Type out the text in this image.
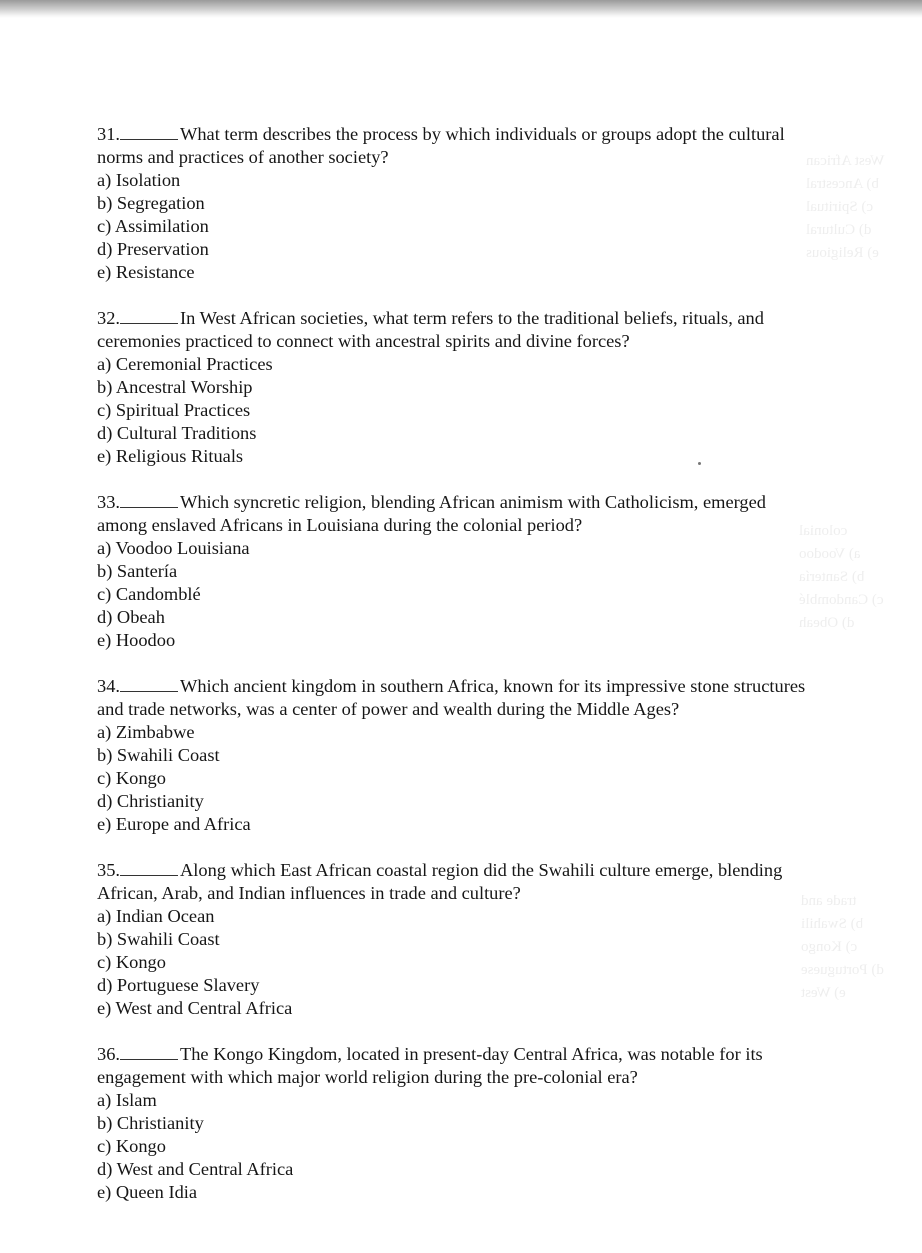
West African
b) Ancestral
c) Spiritual
d) Cultural
e) Religious
colonial
a) Voodoo
b) Santería
c) Candomblé
d) Obeah
trade and
b) Swahili
c) Kongo
d) Portuguese
e) West

31.	What term describes the process by which individuals or groups adopt the cultural
norms and practices of another society?

a) Isolation

b) Segregation

c) Assimilation

d) Preservation

e) Resistance

32.	In West African societies, what term refers to the traditional beliefs, rituals, and
ceremonies practiced to connect with ancestral spirits and divine forces?

a) Ceremonial Practices

b) Ancestral Worship

c) Spiritual Practices

d) Cultural Traditions

e) Religious Rituals

33.	Which syncretic religion, blending African animism with Catholicism, emerged
among enslaved Africans in Louisiana during the colonial period?

a) Voodoo Louisiana

b) Santería

c) Candomblé

d) Obeah

e) Hoodoo

34.	Which ancient kingdom in southern Africa, known for its impressive stone structures
and trade networks, was a center of power and wealth during the Middle Ages?

a) Zimbabwe

b) Swahili Coast

c) Kongo

d) Christianity

e) Europe and Africa

35.	Along which East African coastal region did the Swahili culture emerge, blending
African, Arab, and Indian influences in trade and culture?

a) Indian Ocean

b) Swahili Coast

c) Kongo

d) Portuguese Slavery

e) West and Central Africa

36.	The Kongo Kingdom, located in present-day Central Africa, was notable for its
engagement with which major world religion during the pre-colonial era?

a) Islam

b) Christianity

c) Kongo

d) West and Central Africa

e) Queen Idia
